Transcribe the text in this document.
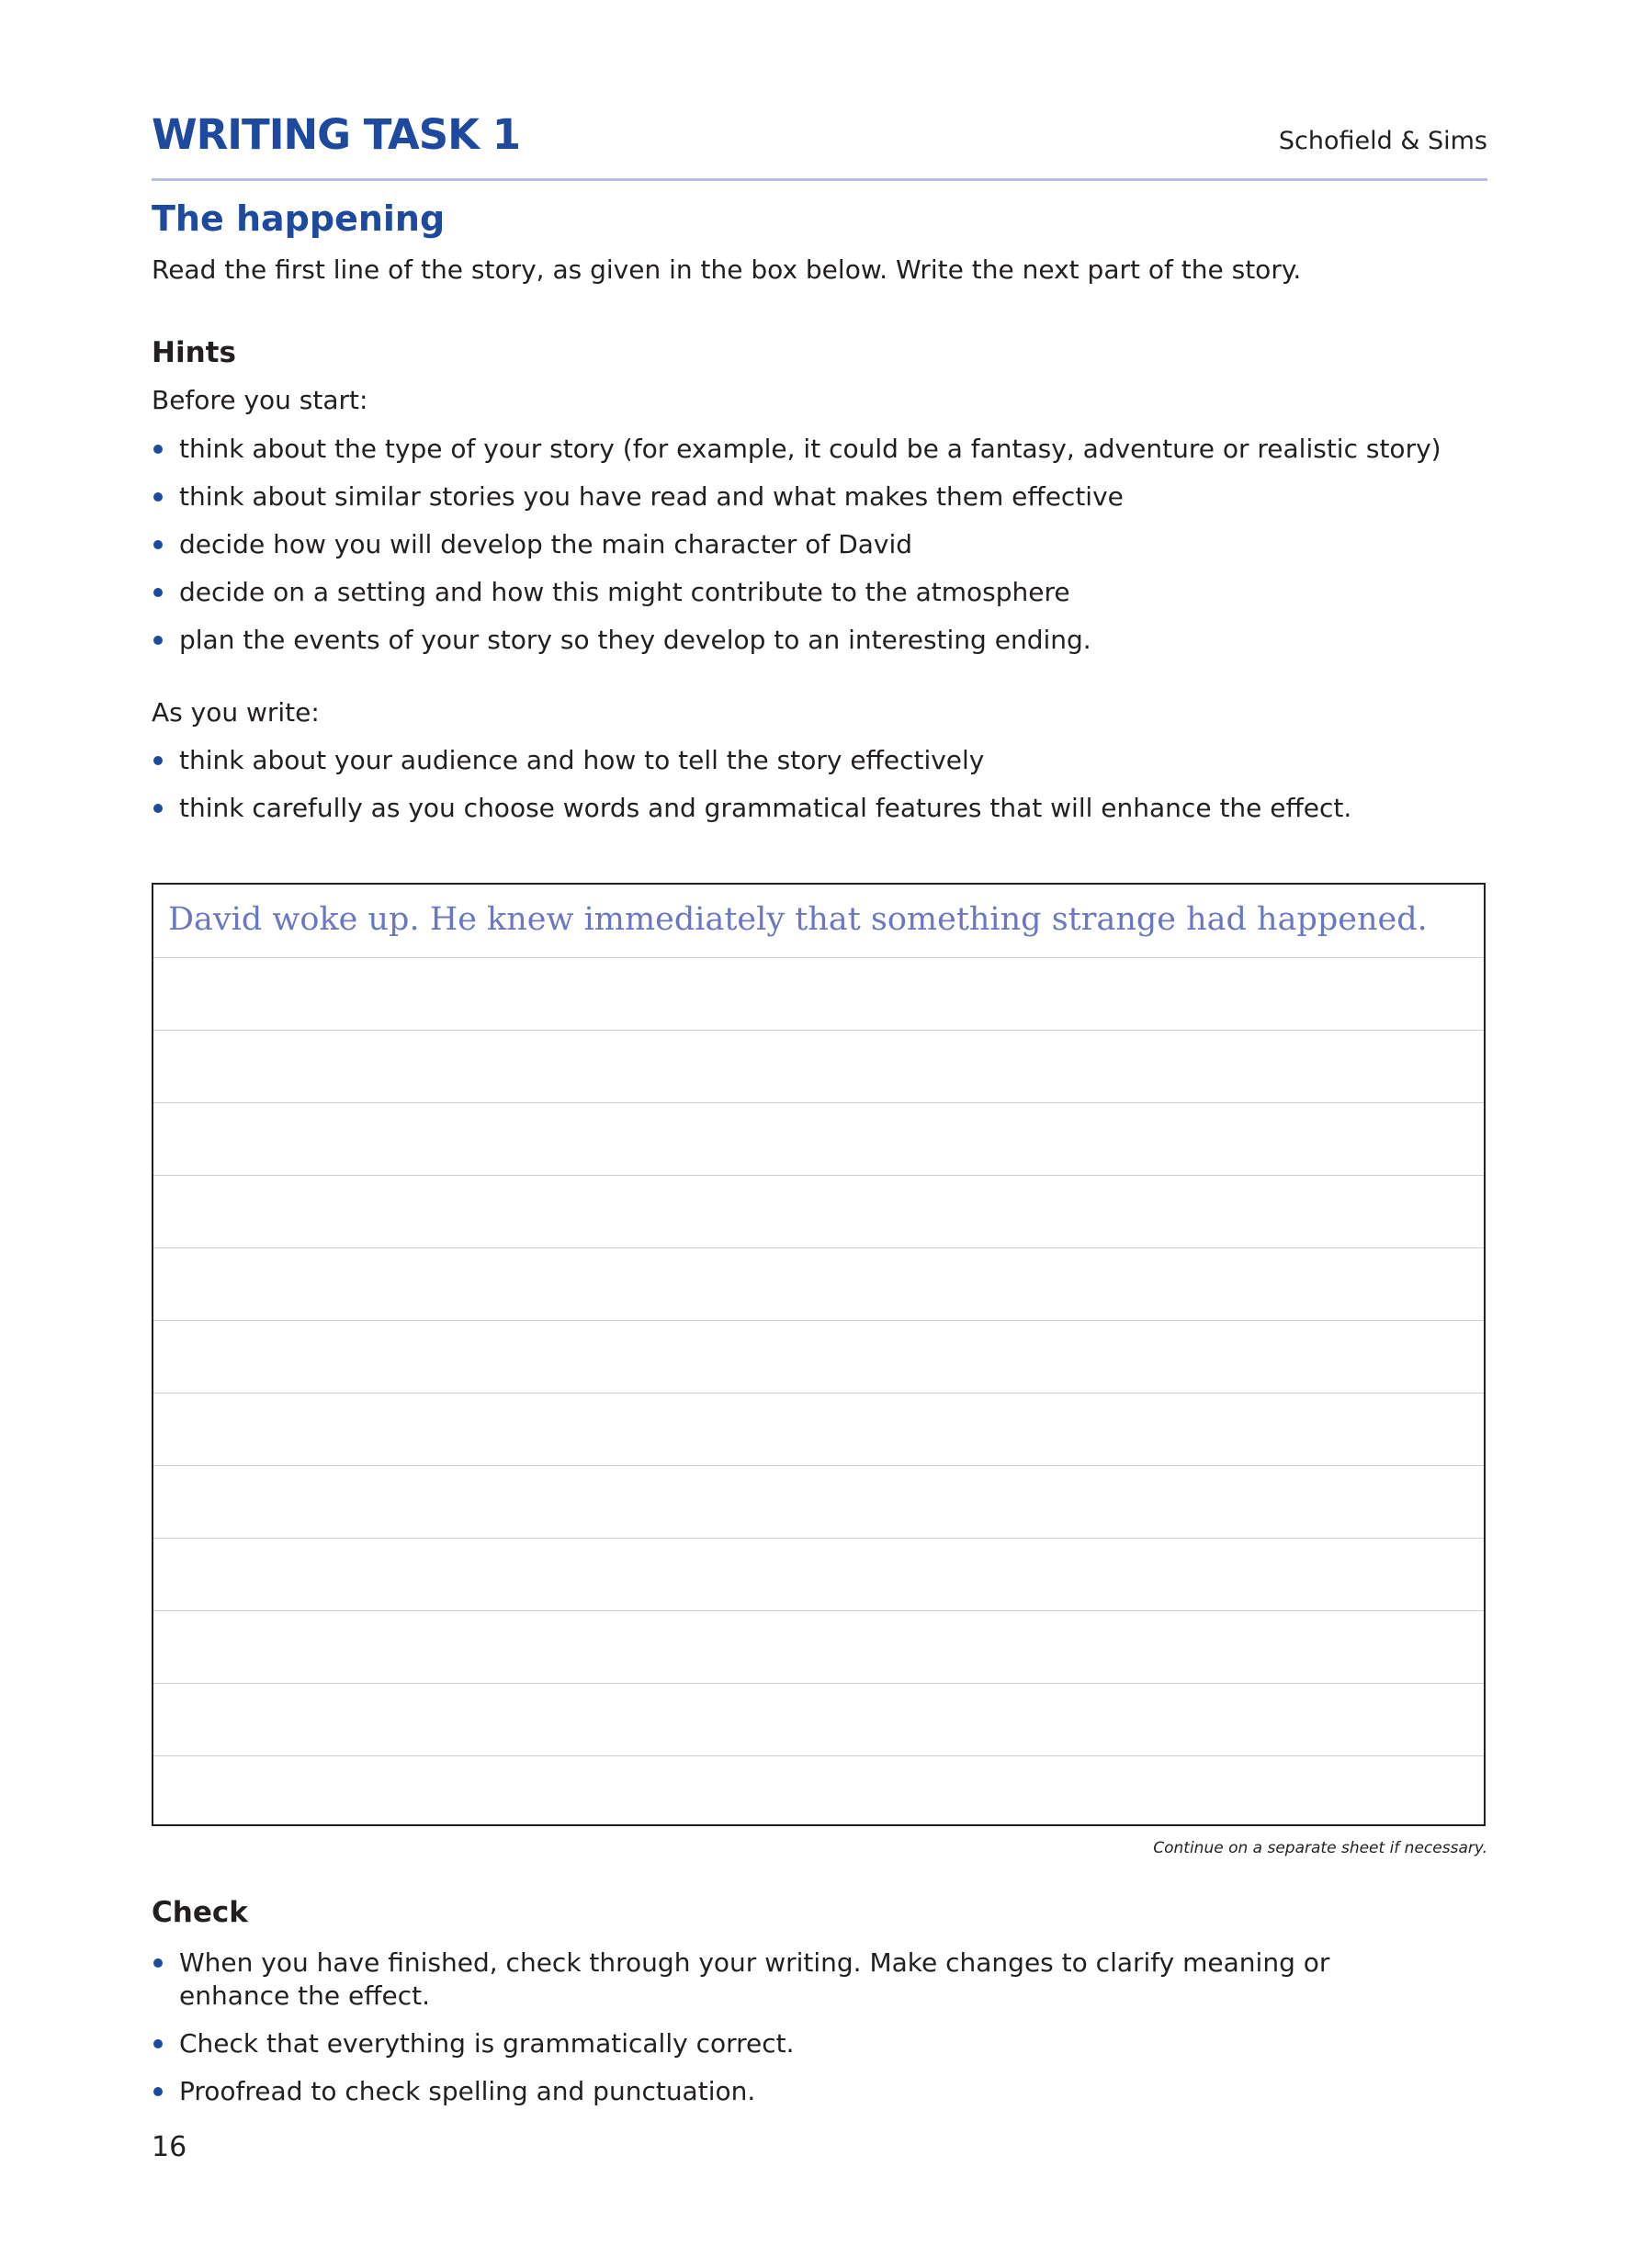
WRITING TASK 1	Schofield & Sims
The happening
Read the first line of the story, as given in the box below. Write the next part of the story.
Hints
Before you start:
think about the type of your story (for example, it could be a fantasy, adventure or realistic story)
think about similar stories you have read and what makes them effective
decide how you will develop the main character of David
decide on a setting and how this might contribute to the atmosphere
plan the events of your story so they develop to an interesting ending.
As you write:
think about your audience and how to tell the story effectively
think carefully as you choose words and grammatical features that will enhance the effect.
David woke up. He knew immediately that something strange had happened.
Continue on a separate sheet if necessary.
Check
When you have finished, check through your writing. Make changes to clarify meaning or enhance the effect.
Check that everything is grammatically correct.
Proofread to check spelling and punctuation.
16
